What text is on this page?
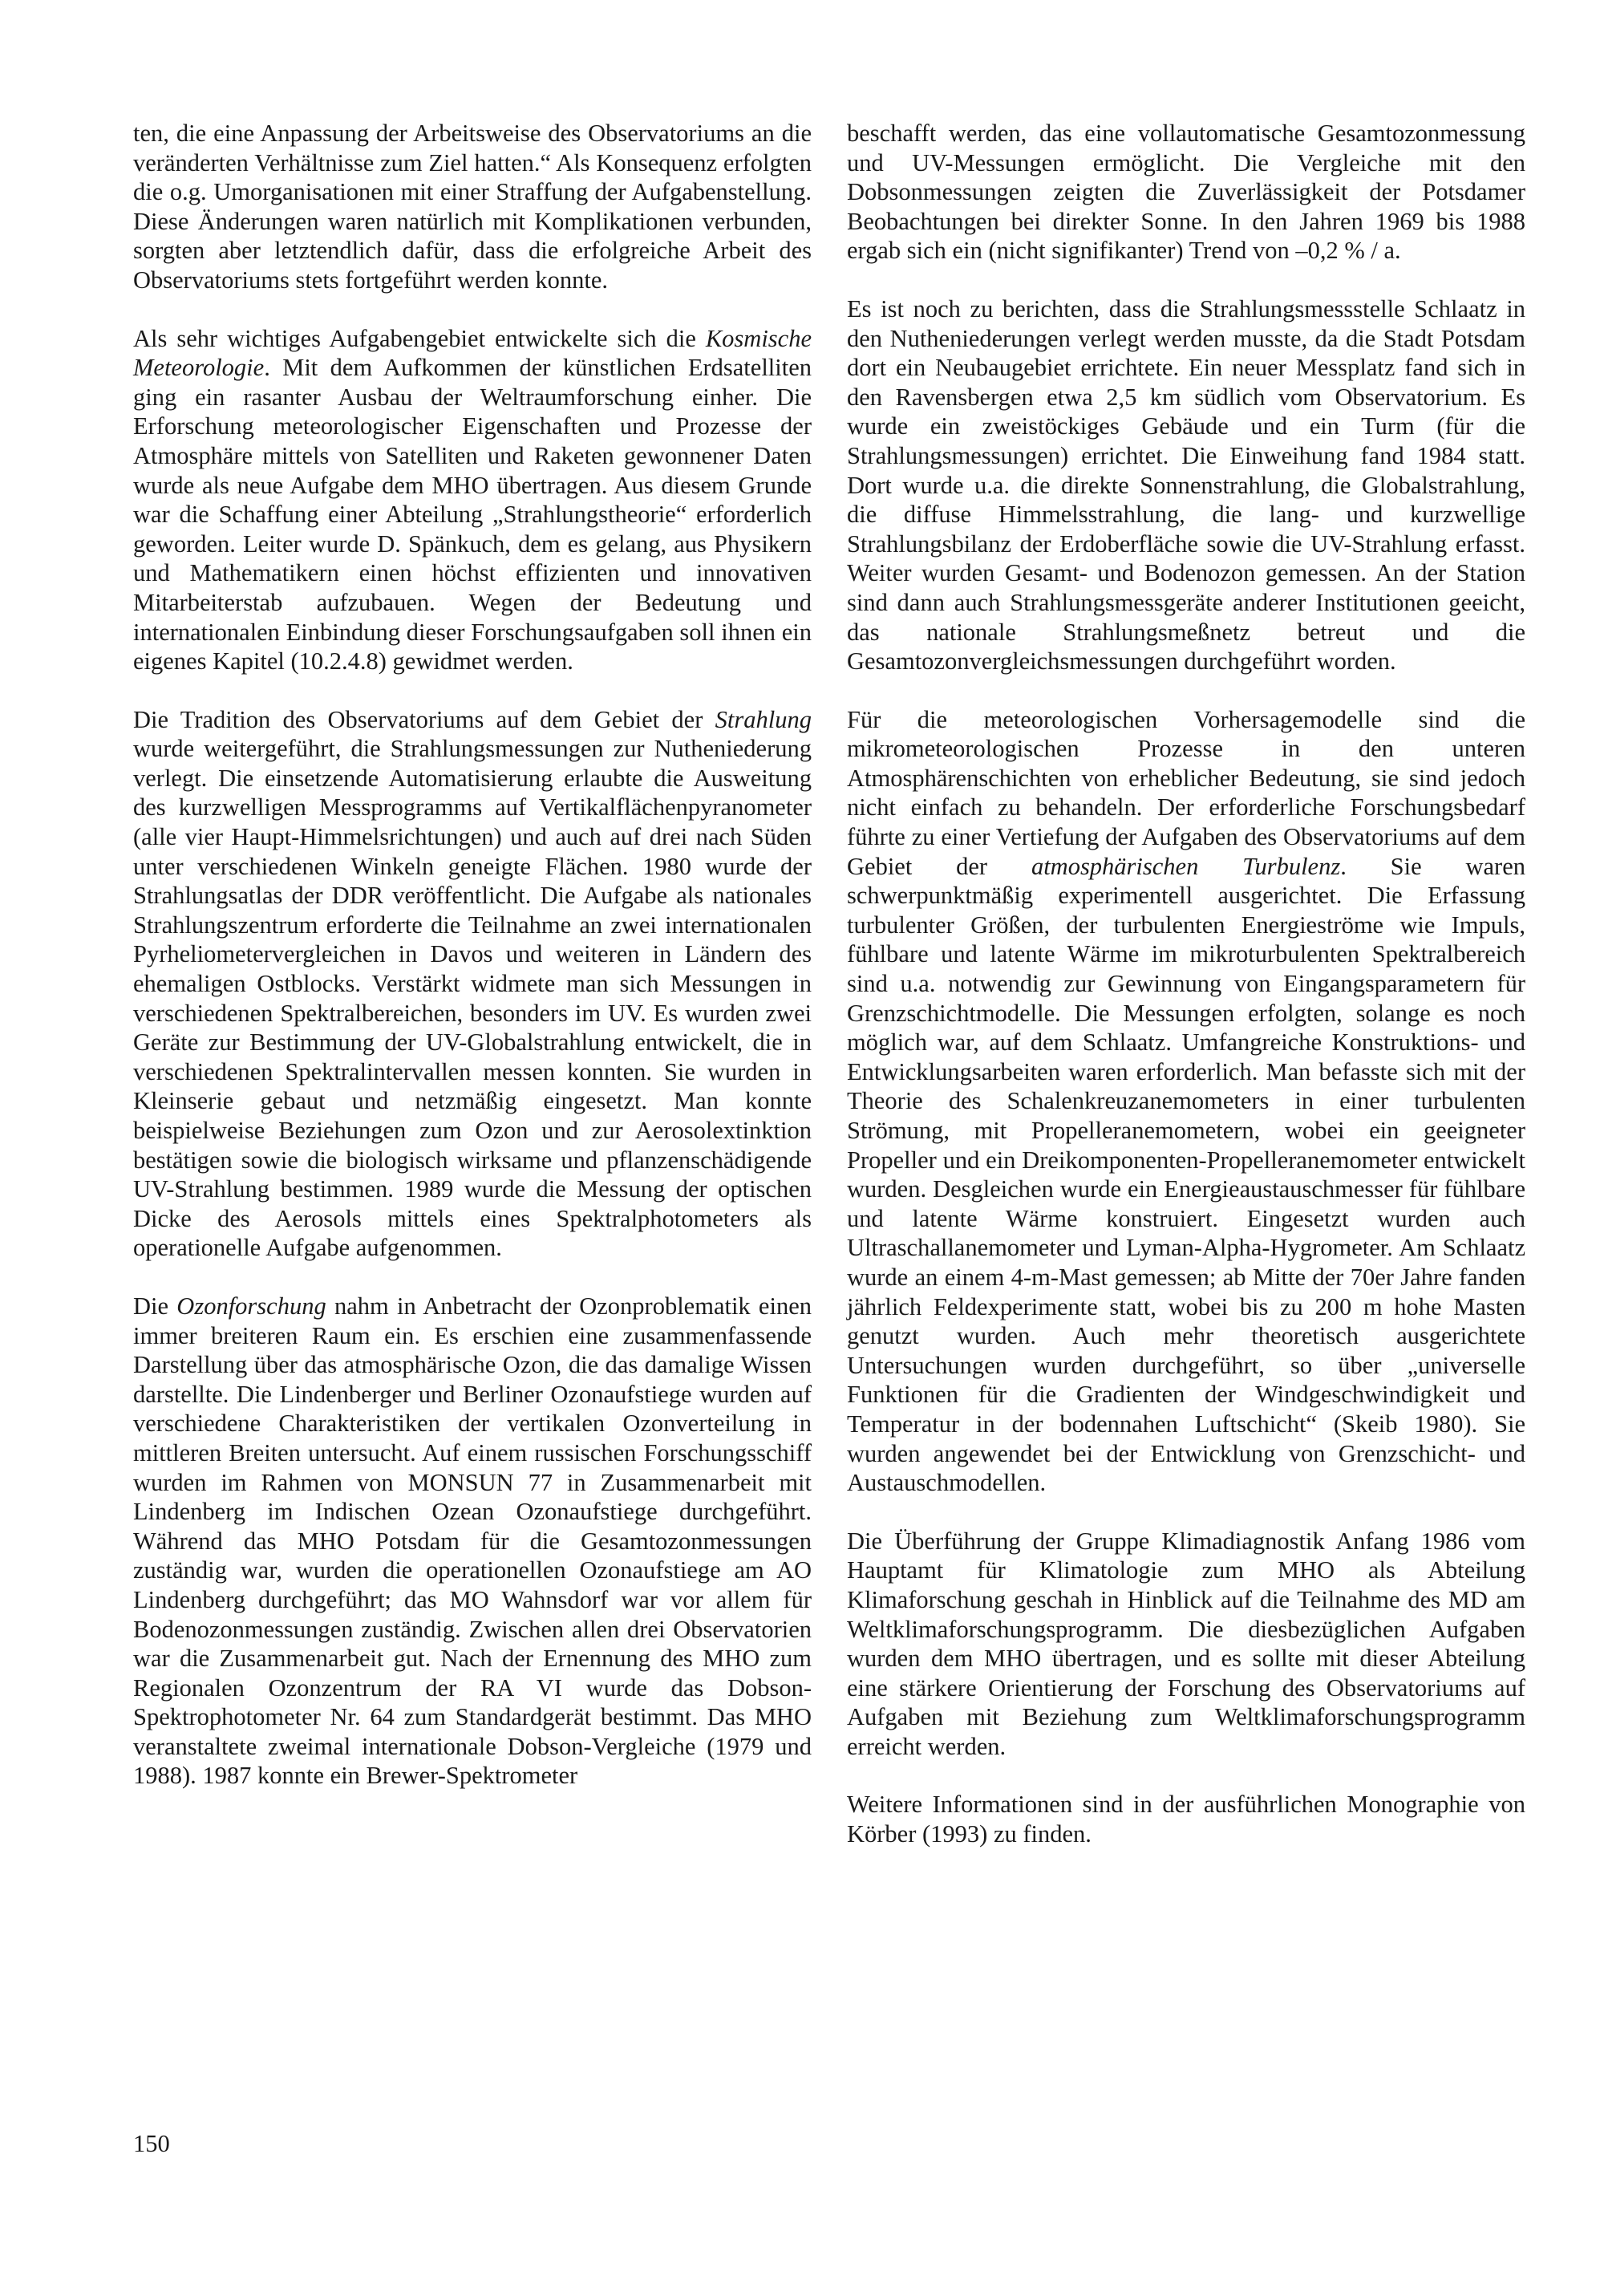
ten, die eine Anpassung der Arbeitsweise des Observatoriums an die veränderten Verhältnisse zum Ziel hatten.“ Als Konsequenz erfolgten die o.g. Umorganisationen mit einer Straffung der Aufgabenstellung. Diese Änderungen waren natürlich mit Komplikationen verbunden, sorgten aber letztendlich dafür, dass die erfolgreiche Arbeit des Observatoriums stets fortgeführt werden konnte.

Als sehr wichtiges Aufgabengebiet entwickelte sich die Kosmische Meteorologie. Mit dem Aufkommen der künstlichen Erdsatelliten ging ein rasanter Ausbau der Weltraumforschung einher. Die Erforschung meteorologischer Eigenschaften und Prozesse der Atmosphäre mittels von Satelliten und Raketen gewonnener Daten wurde als neue Aufgabe dem MHO übertragen. Aus diesem Grunde war die Schaffung einer Abteilung „Strahlungstheorie“ erforderlich geworden. Leiter wurde D. Spänkuch, dem es gelang, aus Physikern und Mathematikern einen höchst effizienten und innovativen Mitarbeiterstab aufzubauen. Wegen der Bedeutung und internationalen Einbindung dieser Forschungsaufgaben soll ihnen ein eigenes Kapitel (10.2.4.8) gewidmet werden.

Die Tradition des Observatoriums auf dem Gebiet der Strahlung wurde weitergeführt, die Strahlungsmessungen zur Nutheniederung verlegt. Die einsetzende Automatisierung erlaubte die Ausweitung des kurzwelligen Messprogramms auf Vertikalflächenpyranometer (alle vier Haupt-Himmelsrichtungen) und auch auf drei nach Süden unter verschiedenen Winkeln geneigte Flächen. 1980 wurde der Strahlungsatlas der DDR veröffentlicht. Die Aufgabe als nationales Strahlungszentrum erforderte die Teilnahme an zwei internationalen Pyrheliometervergleichen in Davos und weiteren in Ländern des ehemaligen Ostblocks. Verstärkt widmete man sich Messungen in verschiedenen Spektralbereichen, besonders im UV. Es wurden zwei Geräte zur Bestimmung der UV-Globalstrahlung entwickelt, die in verschiedenen Spektralintervallen messen konnten. Sie wurden in Kleinserie gebaut und netzmäßig eingesetzt. Man konnte beispielweise Beziehungen zum Ozon und zur Aerosolextinktion bestätigen sowie die biologisch wirksame und pflanzenschädigende UV-Strahlung bestimmen. 1989 wurde die Messung der optischen Dicke des Aerosols mittels eines Spektralphotometers als operationelle Aufgabe aufgenommen.

Die Ozonforschung nahm in Anbetracht der Ozonproblematik einen immer breiteren Raum ein. Es erschien eine zusammenfassende Darstellung über das atmosphärische Ozon, die das damalige Wissen darstellte. Die Lindenberger und Berliner Ozonaufstiege wurden auf verschiedene Charakteristiken der vertikalen Ozonverteilung in mittleren Breiten untersucht. Auf einem russischen Forschungsschiff wurden im Rahmen von MONSUN 77 in Zusammenarbeit mit Lindenberg im Indischen Ozean Ozonaufstiege durchgeführt. Während das MHO Potsdam für die Gesamtozonmessungen zuständig war, wurden die operationellen Ozonaufstiege am AO Lindenberg durchgeführt; das MO Wahnsdorf war vor allem für Bodenozonmessungen zuständig. Zwischen allen drei Observatorien war die Zusammenarbeit gut. Nach der Ernennung des MHO zum Regionalen Ozonzentrum der RA VI wurde das Dobson-Spektrophotometer Nr. 64 zum Standardgerät bestimmt. Das MHO veranstaltete zweimal internationale Dobson-Vergleiche (1979 und 1988). 1987 konnte ein Brewer-Spektrometer

beschafft werden, das eine vollautomatische Gesamtozonmessung und UV-Messungen ermöglicht. Die Vergleiche mit den Dobsonmessungen zeigten die Zuverlässigkeit der Potsdamer Beobachtungen bei direkter Sonne. In den Jahren 1969 bis 1988 ergab sich ein (nicht signifikanter) Trend von –0,2 % / a.

Es ist noch zu berichten, dass die Strahlungsmessstelle Schlaatz in den Nutheniederungen verlegt werden musste, da die Stadt Potsdam dort ein Neubaugebiet errichtete. Ein neuer Messplatz fand sich in den Ravensbergen etwa 2,5 km südlich vom Observatorium. Es wurde ein zweistöckiges Gebäude und ein Turm (für die Strahlungsmessungen) errichtet. Die Einweihung fand 1984 statt. Dort wurde u.a. die direkte Sonnenstrahlung, die Globalstrahlung, die diffuse Himmelsstrahlung, die lang- und kurzwellige Strahlungsbilanz der Erdoberfläche sowie die UV-Strahlung erfasst. Weiter wurden Gesamt- und Bodenozon gemessen. An der Station sind dann auch Strahlungsmessgeräte anderer Institutionen geeicht, das nationale Strahlungsmeßnetz betreut und die Gesamtozonvergleichsmessungen durchgeführt worden.

Für die meteorologischen Vorhersagemodelle sind die mikrometeorologischen Prozesse in den unteren Atmosphärenschichten von erheblicher Bedeutung, sie sind jedoch nicht einfach zu behandeln. Der erforderliche Forschungsbedarf führte zu einer Vertiefung der Aufgaben des Observatoriums auf dem Gebiet der atmosphärischen Turbulenz. Sie waren schwerpunktmäßig experimentell ausgerichtet. Die Erfassung turbulenter Größen, der turbulenten Energieströme wie Impuls, fühlbare und latente Wärme im mikroturbulenten Spektralbereich sind u.a. notwendig zur Gewinnung von Eingangsparametern für Grenzschichtmodelle. Die Messungen erfolgten, solange es noch möglich war, auf dem Schlaatz. Umfangreiche Konstruktions- und Entwicklungsarbeiten waren erforderlich. Man befasste sich mit der Theorie des Schalenkreuzanemometers in einer turbulenten Strömung, mit Propelleranemometern, wobei ein geeigneter Propeller und ein Dreikomponenten-Propelleranemometer entwickelt wurden. Desgleichen wurde ein Energieaustauschmesser für fühlbare und latente Wärme konstruiert. Eingesetzt wurden auch Ultraschallanemometer und Lyman-Alpha-Hygrometer. Am Schlaatz wurde an einem 4-m-Mast gemessen; ab Mitte der 70er Jahre fanden jährlich Feldexperimente statt, wobei bis zu 200 m hohe Masten genutzt wurden. Auch mehr theoretisch ausgerichtete Untersuchungen wurden durchgeführt, so über „universelle Funktionen für die Gradienten der Windgeschwindigkeit und Temperatur in der bodennahen Luftschicht“ (Skeib 1980). Sie wurden angewendet bei der Entwicklung von Grenzschicht- und Austauschmodellen.

Die Überführung der Gruppe Klimadiagnostik Anfang 1986 vom Hauptamt für Klimatologie zum MHO als Abteilung Klimaforschung geschah in Hinblick auf die Teilnahme des MD am Weltklimaforschungsprogramm. Die diesbezüglichen Aufgaben wurden dem MHO übertragen, und es sollte mit dieser Abteilung eine stärkere Orientierung der Forschung des Observatoriums auf Aufgaben mit Beziehung zum Weltklimaforschungsprogramm erreicht werden.

Weitere Informationen sind in der ausführlichen Monographie von Körber (1993) zu finden.

150
